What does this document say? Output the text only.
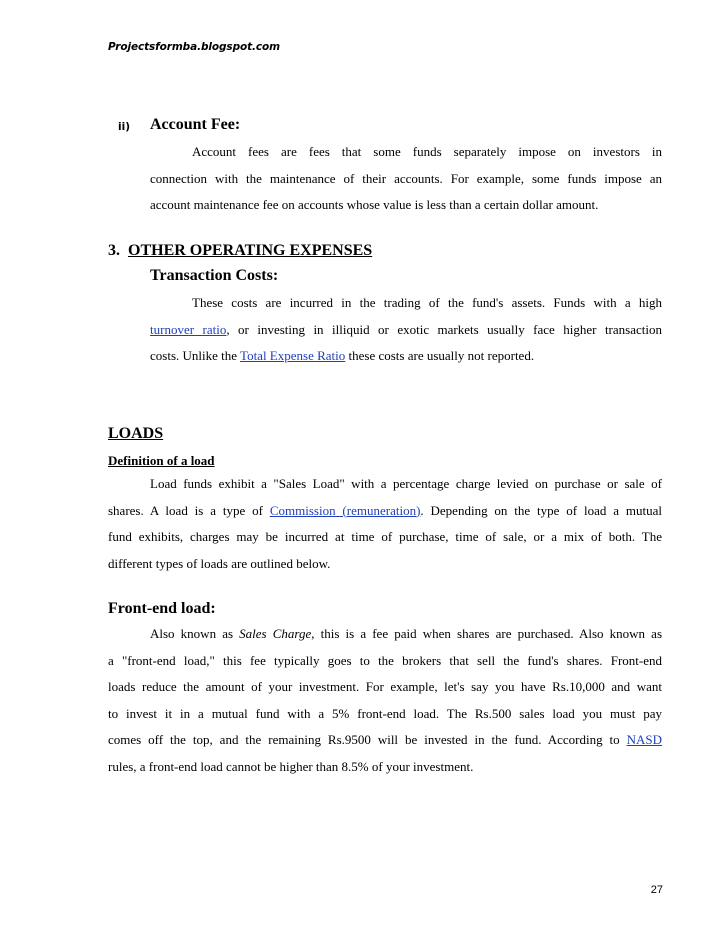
Projectsformba.blogspot.com
ii) Account Fee:
Account fees are fees that some funds separately impose on investors in
connection with the maintenance of their accounts. For example, some funds impose an
account maintenance fee on accounts whose value is less than a certain dollar amount.
3. OTHER OPERATING EXPENSES
Transaction Costs:
These costs are incurred in the trading of the fund's assets. Funds with a high
turnover ratio, or investing in illiquid or exotic markets usually face higher transaction
costs. Unlike the Total Expense Ratio these costs are usually not reported.
LOADS
Definition of a load
Load funds exhibit a "Sales Load" with a percentage charge levied on purchase or sale of
shares. A load is a type of Commission (remuneration). Depending on the type of load a mutual
fund exhibits, charges may be incurred at time of purchase, time of sale, or a mix of both. The
different types of loads are outlined below.
Front-end load:
Also known as Sales Charge, this is a fee paid when shares are purchased. Also known as
a "front-end load," this fee typically goes to the brokers that sell the fund's shares. Front-end
loads reduce the amount of your investment. For example, let's say you have Rs.10,000 and want
to invest it in a mutual fund with a 5% front-end load. The Rs.500 sales load you must pay
comes off the top, and the remaining Rs.9500 will be invested in the fund. According to NASD
rules, a front-end load cannot be higher than 8.5% of your investment.
27
